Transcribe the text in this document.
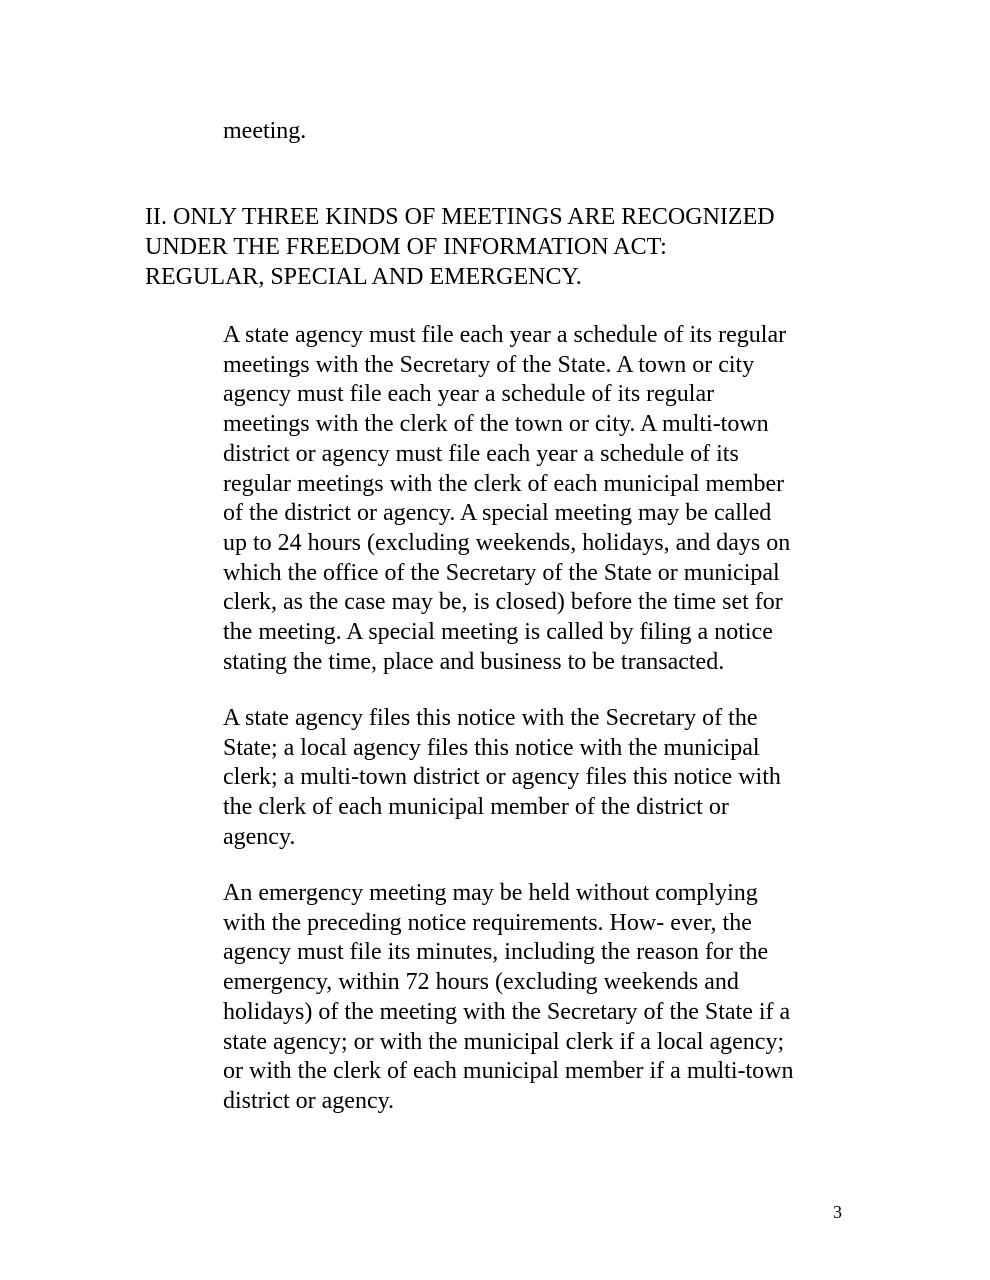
meeting.

II. ONLY THREE KINDS OF MEETINGS ARE RECOGNIZED
UNDER THE FREEDOM OF INFORMATION ACT:
REGULAR, SPECIAL AND EMERGENCY.

A state agency must file each year a schedule of its regular
meetings with the Secretary of the State. A town or city
agency must file each year a schedule of its regular
meetings with the clerk of the town or city. A multi-town
district or agency must file each year a schedule of its
regular meetings with the clerk of each municipal member
of the district or agency. A special meeting may be called
up to 24 hours (excluding weekends, holidays, and days on
which the office of the Secretary of the State or municipal
clerk, as the case may be, is closed) before the time set for
the meeting. A special meeting is called by filing a notice
stating the time, place and business to be transacted.

A state agency files this notice with the Secretary of the
State; a local agency files this notice with the municipal
clerk; a multi-town district or agency files this notice with
the clerk of each municipal member of the district or
agency.

An emergency meeting may be held without complying
with the preceding notice requirements. How- ever, the
agency must file its minutes, including the reason for the
emergency, within 72 hours (excluding weekends and
holidays) of the meeting with the Secretary of the State if a
state agency; or with the municipal clerk if a local agency;
or with the clerk of each municipal member if a multi-town
district or agency.

3
